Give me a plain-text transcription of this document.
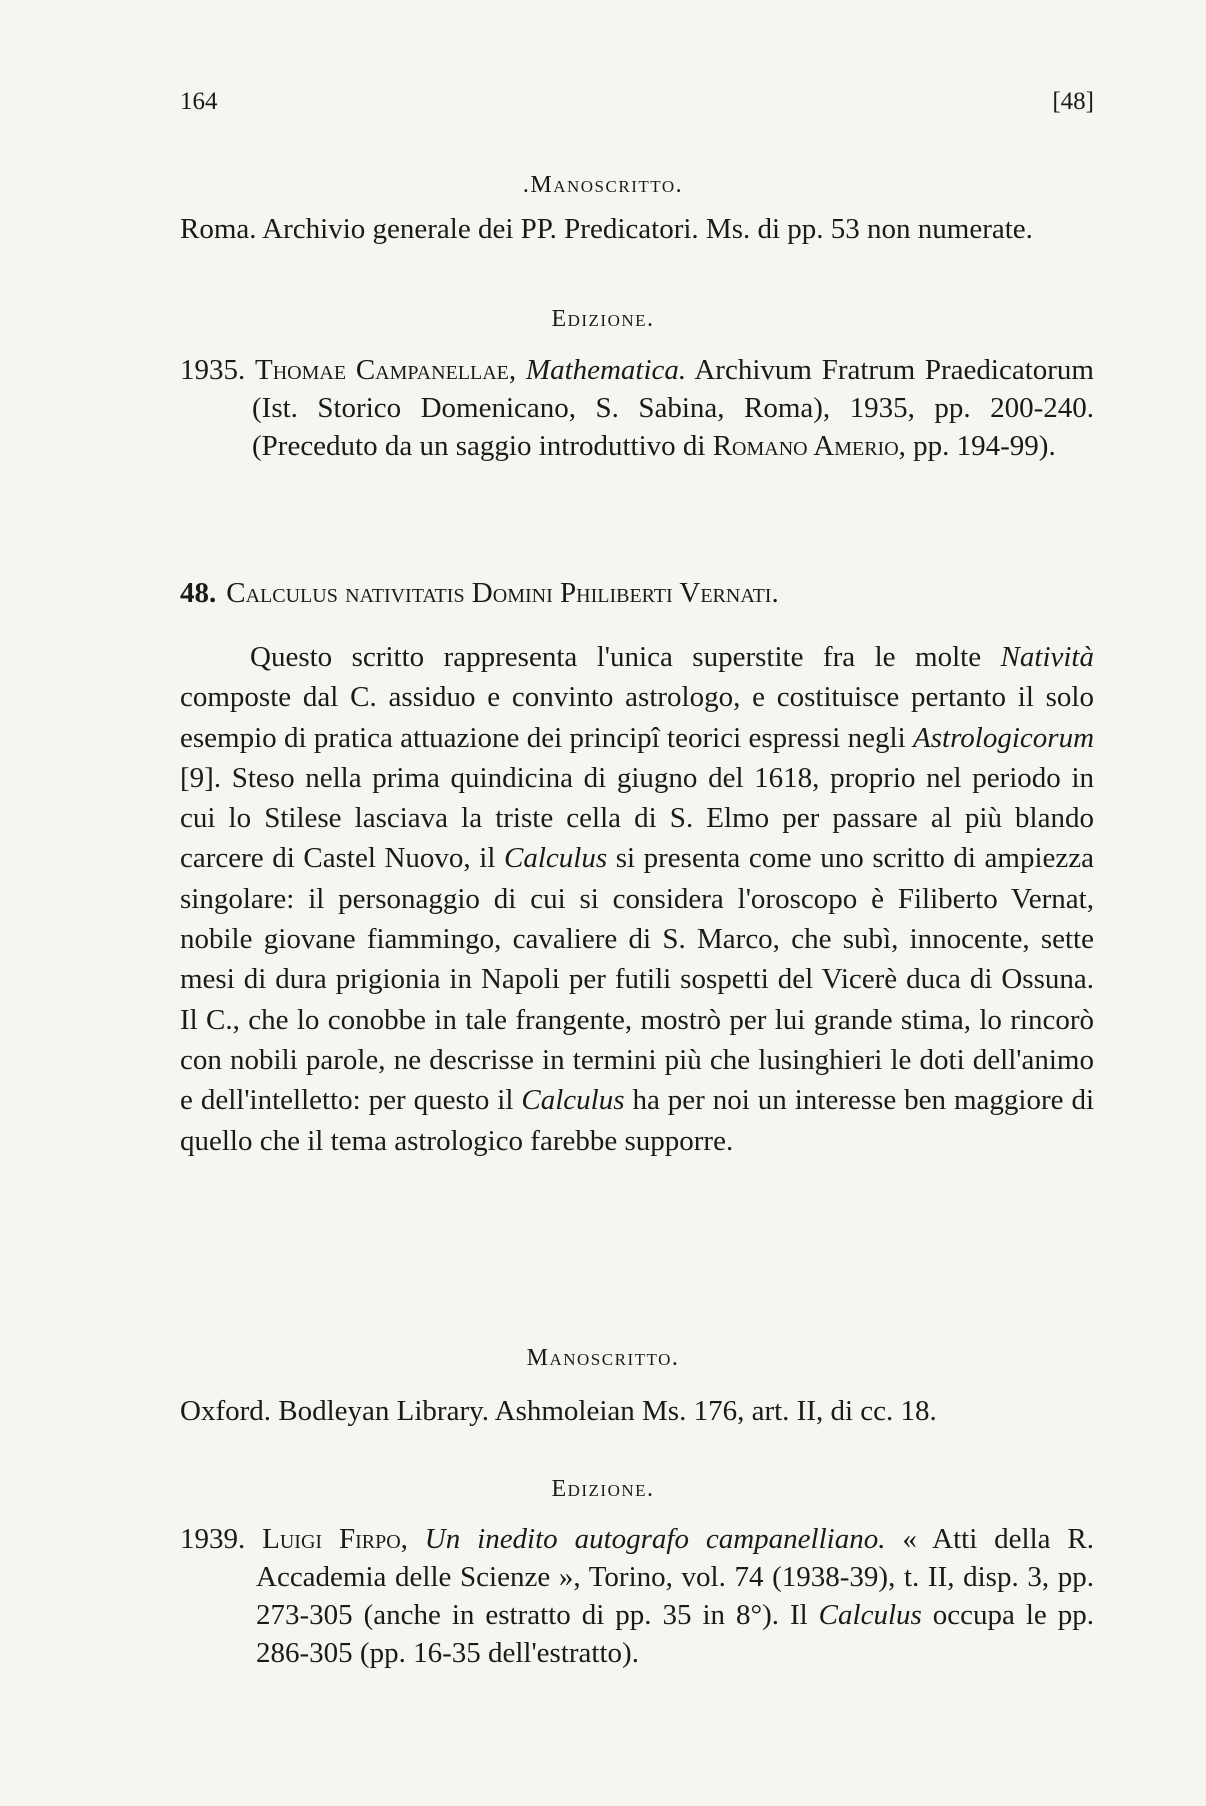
164	[48]
.Manoscritto.
Roma. Archivio generale dei PP. Predicatori. Ms. di pp. 53 non numerate.
Edizione.
1935. Thomae Campanellae, Mathematica. Archivum Fratrum Praedicatorum (Ist. Storico Domenicano, S. Sabina, Roma), 1935, pp. 200-240. (Preceduto da un saggio introduttivo di Romano Amerio, pp. 194-99).
48. Calculus nativitatis Domini Philiberti Vernati.
Questo scritto rappresenta l'unica superstite fra le molte Natività composte dal C. assiduo e convinto astrologo, e costituisce pertanto il solo esempio di pratica attuazione dei principî teorici espressi negli Astrologicorum [9]. Steso nella prima quindicina di giugno del 1618, proprio nel periodo in cui lo Stilese lasciava la triste cella di S. Elmo per passare al più blando carcere di Castel Nuovo, il Calculus si presenta come uno scritto di ampiezza singolare: il personaggio di cui si considera l'oroscopo è Filiberto Vernat, nobile giovane fiammingo, cavaliere di S. Marco, che subì, innocente, sette mesi di dura prigionia in Napoli per futili sospetti del Vicerè duca di Ossuna. Il C., che lo conobbe in tale frangente, mostrò per lui grande stima, lo rincorò con nobili parole, ne descrisse in termini più che lusinghieri le doti dell'animo e dell'intelletto: per questo il Calculus ha per noi un interesse ben maggiore di quello che il tema astrologico farebbe supporre.
Manoscritto.
Oxford. Bodleyan Library. Ashmoleian Ms. 176, art. II, di cc. 18.
Edizione.
1939. Luigi Firpo, Un inedito autografo campanelliano. « Atti della R. Accademia delle Scienze », Torino, vol. 74 (1938-39), t. II, disp. 3, pp. 273-305 (anche in estratto di pp. 35 in 8°). Il Calculus occupa le pp. 286-305 (pp. 16-35 dell'estratto).
